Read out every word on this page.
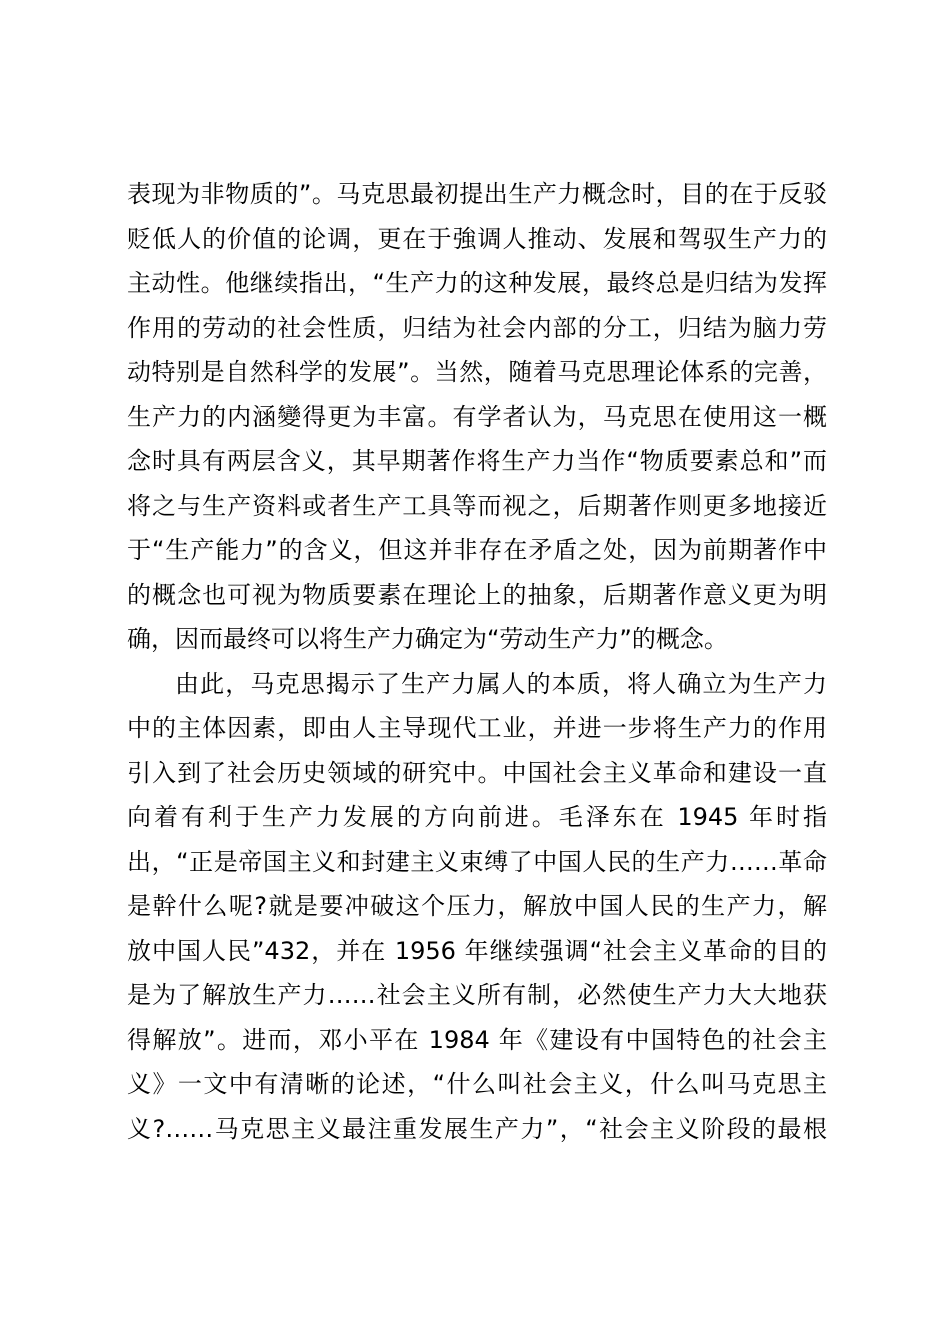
表现为非物质的”。马克思最初提出生产力概念时，目的在于反驳
贬低人的价值的论调，更在于強调人推动、发展和驾驭生产力的
主动性。他继续指出，“生产力的这种发展，最终总是归结为发挥
作用的劳动的社会性质，归结为社会内部的分工，归结为脑力劳
动特别是自然科学的发展”。当然，随着马克思理论体系的完善，
生产力的内涵變得更为丰富。有学者认为，马克思在使用这一概
念时具有两层含义，其早期著作将生产力当作“物质要素总和”而
将之与生产资料或者生产工具等而视之，后期著作则更多地接近
于“生产能力”的含义，但这并非存在矛盾之处，因为前期著作中
的概念也可视为物质要素在理论上的抽象，后期著作意义更为明
确，因而最终可以将生产力确定为“劳动生产力”的概念。
由此，马克思揭示了生产力属人的本质，将人确立为生产力
中的主体因素，即由人主导现代工业，并进一步将生产力的作用
引入到了社会历史领域的研究中。中国社会主义革命和建设一直
向着有利于生产力发展的方向前进。毛泽东在 1945 年时指
出，“正是帝国主义和封建主义束缚了中国人民的生产力……革命
是幹什么呢?就是要冲破这个压力，解放中国人民的生产力，解
放中国人民”432，并在 1956 年继续强调“社会主义革命的目的
是为了解放生产力……社会主义所有制，必然使生产力大大地获
得解放”。进而，邓小平在 1984 年《建设有中国特色的社会主
义》一文中有清晰的论述，“什么叫社会主义，什么叫马克思主
义?……马克思主义最注重发展生产力”，“社会主义阶段的最根
